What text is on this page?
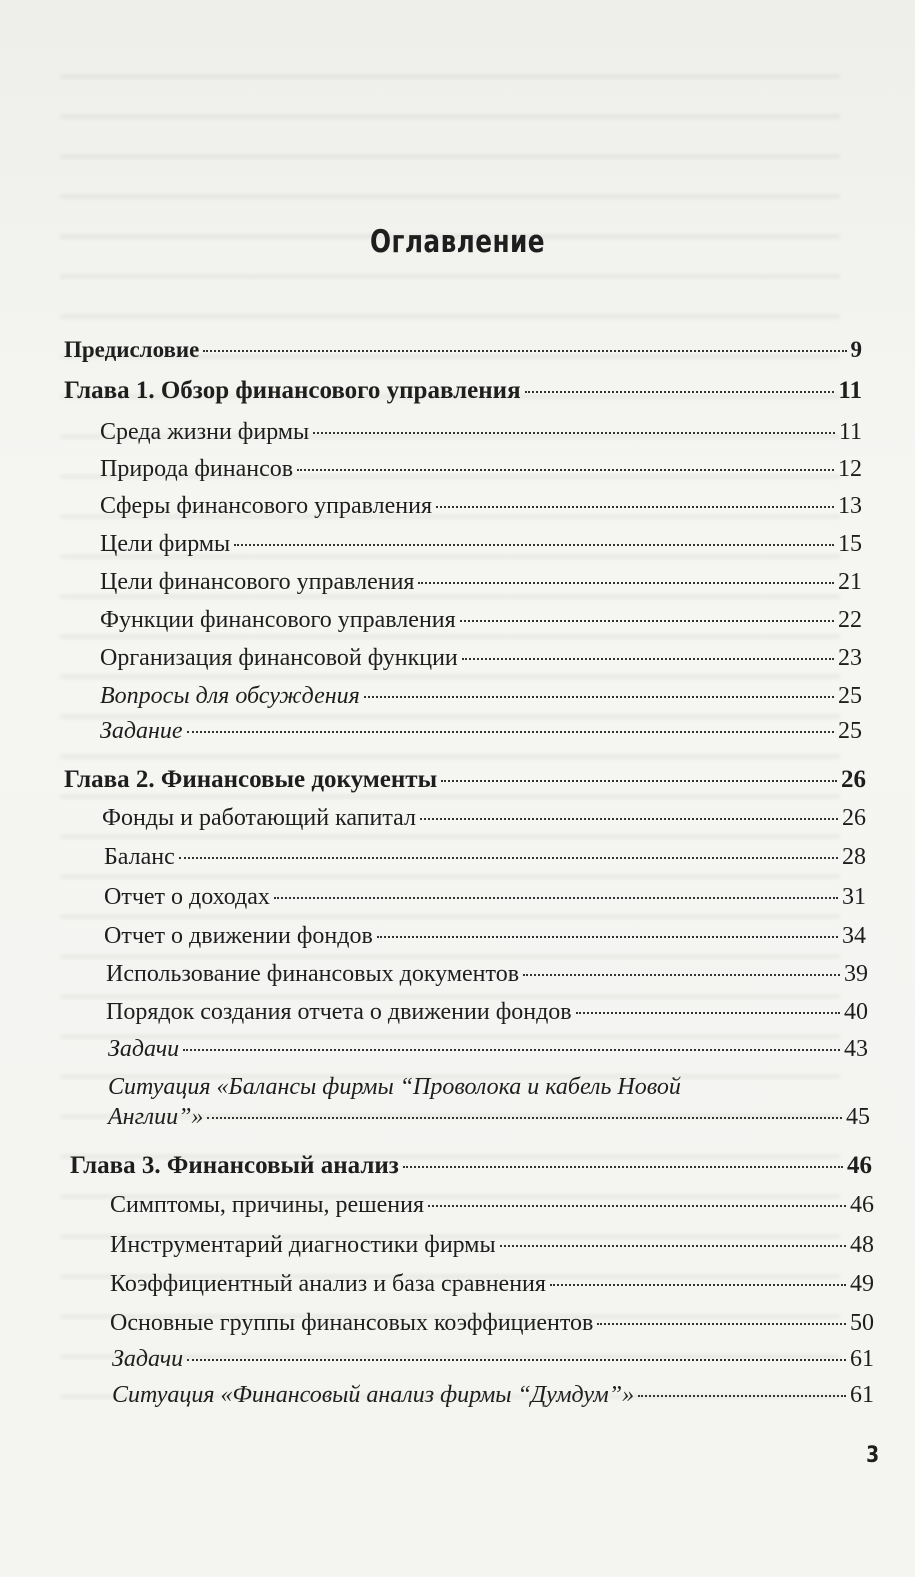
Оглавление
Предисловие	9
Глава 1. Обзор финансового управления	11
Среда жизни фирмы	11
Природа финансов	12
Сферы финансового управления	13
Цели фирмы	15
Цели финансового управления	21
Функции финансового управления	22
Организация финансовой функции	23
Вопросы для обсуждения	25
Задание	25
Глава 2. Финансовые документы	26
Фонды и работающий капитал	26
Баланс	28
Отчет о доходах	31
Отчет о движении фондов	34
Использование финансовых документов	39
Порядок создания отчета о движении фондов	40
Задачи	43
Ситуация «Балансы фирмы “Проволока и кабель Новой
Англии”»	45
Глава 3. Финансовый анализ	46
Симптомы, причины, решения	46
Инструментарий диагностики фирмы	48
Коэффициентный анализ и база сравнения	49
Основные группы финансовых коэффициентов	50
Задачи	61
Ситуация «Финансовый анализ фирмы “Думдум”»	61
3
